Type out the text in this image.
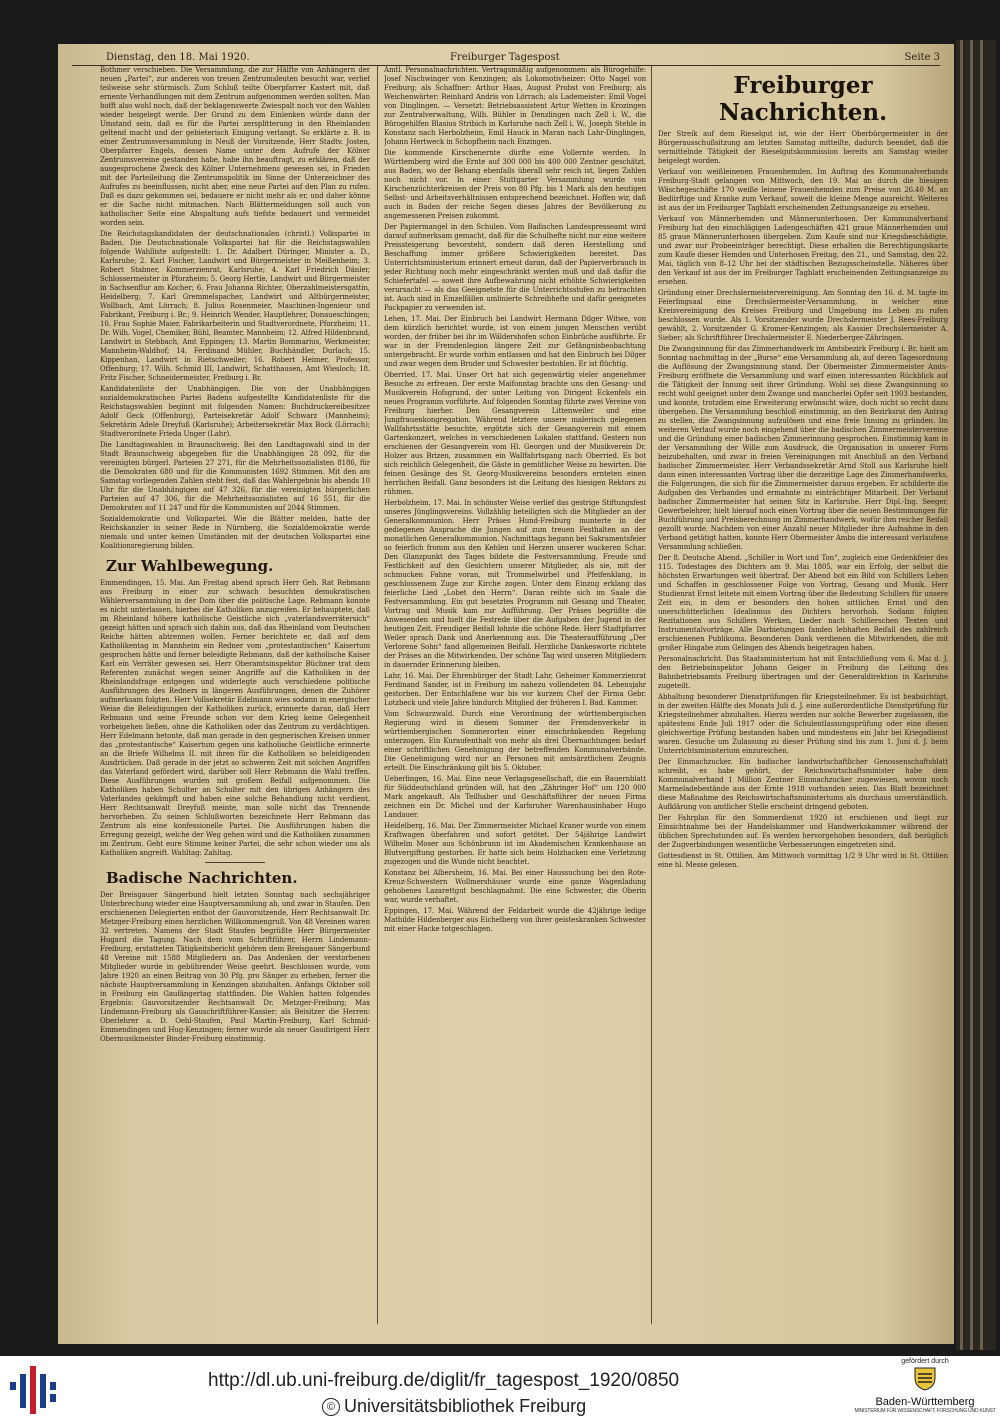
Dienstag, den 18. Mai 1920.	Freiburger Tagespost	Seite 3

Bothmer verschieben. Die Versammlung, die zur Hälfte von Anhängern der neuen „Partei“, zur anderen von treuen Zentrumsleuten besucht war, verlief teilweise sehr stürmisch. Zum Schluß teilte Oberpfarrer Kastert mit, daß ernente Verhandlungen mit dem Zentrum aufgenommen werden sollten. Man hofft also wohl noch, daß der beklagenswerte Zwiespalt noch vor den Wahlen wieder beigelegt werde. Der Grund zu dem Einlenken würde dann der Umstand sein, daß es für die Partei zersplitterung in den Rheinlanden geltend macht und der gebieterisch Einigung verlangt. So erklärte z. B. in einer Zentrumsversammlung in Neuß der Vorsitzende, Herr Stadtv. Josten, Oberpfarrer Engels, dessen Name unter dem Aufrufe der Kölner Zentrumsvereine gestanden habe, habe ihn beauftragt, zu erklären, daß der ausgesprochene Zweck des Kölner Unternehmens gewesen sei, in Frieden mit der Parteileitung die Zentrumspolitik im Sinne der Unterzeichner des Aufrufes zu beeinflussen, nicht aber, eine neue Partei auf den Plan zu rufen. Daß es dazu gekommen sei, bedauere er nicht mehr als er, und daher könne er die Sache nicht mitmachen. Nach Blättermeldungen soll auch von katholischer Seite eine Abspaltung aufs tiefste bedauert und vermeidet worden sein.

Die Reichstagskandidaten der deutschnationalen (christl.) Volkspartei in Baden. Die Deutschnationale Volkspartei hat für die Reichstagswahlen folgende Wahlliste aufgestellt: 1. Dr. Adalbert Düringer, Minister a. D., Karlsruhe; 2. Karl Fischer, Landwirt und Bürgermeister in Meißenheim; 3. Robert Stabner, Kommerzienrat, Karlsruhe; 4. Karl Friedrich Dänler, Schlossermeister in Pforzheim; 5. Georg Hertle, Landwirt und Bürgermeister in Sachsenflur am Kocher; 6. Frau Johanna Richter, Oberzahlmeistersgattin, Heidelberg; 7. Karl Gremmelspacher, Landwirt und Altbürgermeister, Wollbach, Amt Lörrach; 8. Julius Rosenmeier, Maschinen-Ingenieur und Fabrikant, Freiburg i. Br.; 9. Heinrich Wender, Hauptlehrer, Donaueschingen; 10. Frau Sophie Maier, Fabrikarbeiterin und Stadtverordnete, Pforzheim; 11. Dr. Wilh. Vogel, Chemiker, Bühl, Beamter, Mannheim; 12. Alfred Hildenbrand, Landwirt in Stebbach, Amt Eppingen; 13. Martin Bommarius, Werkmeister, Mannheim-Waldhof; 14. Ferdinand Mühler, Buchhändler, Durlach; 15. Kippenhan, Landwirt in Rietschweiler; 16. Robert Heimer, Professor, Offenburg; 17. Wilh. Schmid III, Landwirt, Schatthausen, Amt Wiesloch; 18. Fritz Fischer, Schneidermeister, Freiburg i. Br.

Kandidatenliste der Unabhängigen. Die von der Unabhängigen sozialdemokratischen Partei Badens aufgestellte Kandidatenliste für die Reichstagswahlen beginnt mit folgenden Namen: Buchdruckereibesitzer Adolf Geck (Offenburg), Parteisekretär Adolf Schwarz (Mannheim); Sekretärin Adele Dreyfuß (Karlsruhe); Arbeitersekretär Max Bock (Lörrach); Stadtverordnete Frieda Unger (Lahr).

Die Landtagswahlen in Braunschweig. Bei den Landtagswahl sind in der Stadt Braunschweig abgegeben für die Unabhängigen 28 092, für die vereinigten bürgerl. Parteien 27 271, für die Mehrheitssozialisten 8186, für die Demokraten 680 und für die Kommunisten 1692 Stimmen. Mit den am Samstag vorliegenden Zahlen steht fest, daß das Wahlergebnis bis abends 10 Uhr für die Unabhängigen auf 47 326, für die vereinigten bürgerlichen Parteien auf 47 306, für die Mehrheitssozialisten auf 16 551, für die Demokraten auf 11 247 und für die Kommunisten auf 2044 Stimmen.

Sozialdemokratie und Volkspartei. Wie die Blätter melden, hatte der Reichskanzler in seiner Rede in Nürnberg, die Sozialdemokratie werde niemals und unter keinen Umständen mit der deutschen Volkspartei eine Koalitionsregierung bilden.

Zur Wahlbewegung.

Emmendingen, 15. Mai. Am Freitag abend sprach Herr Geh. Rat Rebmann aus Freiburg in einer zur schwach besuchten demokratischen Wählerversammlung in der Dom über die politische Lage. Rebmann konnte es nicht unterlassen, hierbei die Katholiken anzugreifen. Er behauptete, daß im Rheinland höhere katholische Geistliche sich „vaterlandsverrätersich“ gezeigt hätten und sprach sich dahin aus, daß das Rheinland vom Deutschen Reiche hätten abtrennen wollen. Ferner berichtete er, daß auf dem Katholikentag in Mannheim ein Redner vom „protestantischen“ Kaisertum gesprochen hätte und ferner beleidigte Rebmann, daß der katholische Kaiser Karl ein Verräter gewesen sei. Herr Oberamtsinspektor Büchner trat dem Referenten zunächst wegen seiner Angriffe auf die Katholiken in der Rheinlandsfrage entgegen und widerlegte auch verschiedene politische Ausführungen des Redners in längeren Ausführungen, denen die Zuhörer aufmerksam folgten. Herr Vollsekretär Edelmann wies sodann in energischer Weise die Beleidigungen der Katholiken zurück, erinnerte daran, daß Herr Rebmann und seine Freunde schon vor dem Krieg keine Gelegenheit vorbeigehen ließen, ohne die Katholiken oder das Zentrum zu verdächtigen. Herr Edelmann betonte, daß man gerade in den gegnerischen Kreisen immer das „protestantische“ Kaisertum gegen uns katholische Geistliche erinnerte an die Briefe Wilhelms II. mit ihren für die Katholiken so beleidigenden Ausdrücken. Daß gerade in der jetzt so schweren Zeit mit solchen Angriffen das Vaterland gefördert wird, darüber soll Herr Rebmann die Wahl treffen. Diese Ausführungen wurden mit großem Beifall aufgenommen. Die Katholiken haben Schulter an Schulter mit den übrigen Anhängern des Vaterlandes gekämpft und haben eine solche Behandlung nicht verdient. Herr Rechtsanwalt Dreyfuß meinte, man solle nicht das Trennende hervorheben. Zu seinen Schlußworten bezeichnete Herr Rebmann das Zentrum als eine konfessionelle Partei. Die Ausführungen haben die Erregung gezeigt, welche der Weg gehen wird und die Katholiken zusammen im Zentrum. Geht eure Stimme keiner Partei, die sehr schon wieder uns als Katholiken angreift. Wahltag: Zahltag.

Badische Nachrichten.

Der Breisgauer Sängerbund hielt letzten Sonntag nach sechsjähriger Unterbrechung wieder eine Hauptversammlung ab, und zwar in Staufen. Den erschienenen Delegierten entbot der Gauvorsitzende, Herr Rechtsanwalt Dr. Metzger-Freiburg einen herzlichen Willkommengruß. Von 48 Vereinen waren 32 vertreten. Namens der Stadt Staufen begrüßte Herr Bürgermeister Hugard die Tagung. Nach dem vom Schriftführer, Herrn Lindemann-Freiburg, erstatteten Tätigkeitsbericht gehören dem Breisgauer Sängerbund 48 Vereine mit 1588 Mitgliedern an. Das Andenken der verstorbenen Mitglieder wurde in gebührender Weise geehrt. Beschlossen wurde, vom Jahre 1920 an einen Beitrag von 30 Pfg. pro Sänger zu erheben, ferner die nächste Hauptversammlung in Kenzingen abzuhalten. Anfangs Oktober soll in Freiburg ein Gaufängertag stattfinden. Die Wahlen hatten folgendes Ergebnis: Gauvorsitzender Rechtsanwalt Dr. Metzger-Freiburg; Max Lindemann-Freiburg als Gauschriftführer-Kassier; als Beisitzer die Herren: Oberlehrer a. D. Oehl-Staufen, Paul Martin-Freiburg, Karl Schmid-Emmendingen und Hug-Kenzingen; ferner wurde als neuer Gaudirigent Herr Obermusikmeister Binder-Freiburg einstimmig.

Amtl. Personalnachrichten. Vertragsmäßig aufgenommen: als Bürogehilfe: Josef Nischwinger von Kenzingen; als Lokomotivheizer: Otto Nagel von Freiburg; als Schaffner: Arthur Haas, August Probst von Freiburg; als Weichenwärter: Reinhard Andris von Lörrach; als Lademeister: Emil Vogel von Dinglingen. — Versetzt: Betriebsassistent Artur Wetten in Krozingen zur Zentralverwaltung, Wilh. Bühler in Denzlingen nach Zell i. W., die Bürogehilfen Blasius Stribich in Karlsruhe nach Zell i. W., Joseph Stehle in Konstanz nach Herbolzheim, Emil Hauck in Maran nach Lahr-Dinglingen, Johann Hertweck in Schopfheim nach Enzingen.

Die kommende Kirschenernte dürfte eine Vollernte werden. In Württemberg wird die Ernte auf 300 000 bis 400 000 Zentner geschätzt, aus Baden, wo der Behang ebenfalls überall sehr reich ist, liegen Zahlen noch nicht vor. In einer Stuttgarter Versammlung wurde von Kirschenzüchterkreisen der Preis von 80 Pfg. bis 1 Mark als den heutigen Selbst- und Arbeitsverhältnissen entsprechend bezeichnet. Hoffen wir, daß auch in Baden der reiche Segen dieses Jahres der Bevölkerung zu angemessenen Preisen zukommt.

Der Papiermangel in den Schulen. Vom Badischen Landespresseamt wird darauf aufmerksam gemacht, daß für die Schulhefte nicht nur eine weitere Preissteigerung bevorsteht, sondern daß deren Herstellung und Beschaffung immer größere Schwierigkeiten bereitet. Das Unterrichtsministerium erinnert erneut daran, daß der Papierverbrauch in jeder Richtung noch mehr eingeschränkt werden muß und daß dafür die Schiefertafel — soweit ihre Aufbewahrung nicht erhöhte Schwierigkeiten verursacht — als das Geeignetste für die Unterrichtsstufen zu betrachten ist. Auch sind in Einzelfällen umlinierte Schreibhefte und dafür geeignetes Packpapier zu verwenden ist.

Lehen, 17. Mai. Der Einbruch bei Landwirt Hermann Dilger Witwe, von dem kürzlich berichtet wurde, ist von einem jungen Menschen verübt worden, der früher bei ihr im Wäldershofen schon Einbrüche ausführte. Er war in der Fremdenlegion längere Zeit zur Gefängnisbeobachtung untergebracht. Er wurde vorhin entlassen und hat den Einbruch bei Dilger und zwar wegen dem Bruder und Schwester bestohlen. Er ist flüchtig.

Oberried, 17. Mai. Unser Ort hat sich gegenwärtig vieler angenehmer Besuche zu erfreuen. Der erste Maifonntag brachte uns den Gesang- und Musikverein Hofsgrund, der unter Leitung von Dirigent Eckenfels ein neues Programm vorführte. Auf folgenden Sonntag führte zwei Vereine von Freiburg hierher. Den Gesangverein Littenweiler und eine Jungfrauenkongregation. Während letztere unsere malerisch gelegenen Wallfahrtsstätte besuchte, ergötzte sich der Gesangverein mit einem Gartenkonzert, welches in verschiedenen Lokalen stattfand. Gestern nun erschienen der Gesangverein vom Hl. Georgen und der Musikverein Dr. Holzer aus Brizen, zusammen ein Wallfahrtsgang nach Oberried. Es bot sich reichlich Gelegenheit, die Gäste in gemütlicher Weise zu bewirten. Die feinen Gesänge des St. Georg-Musikvereins besonders ernteten einen herrlichen Beifall. Ganz besonders ist die Leitung des hiesigen Rektors zu rühmen.

Herbolzheim, 17. Mai. In schönster Weise verlief das gestrige Stiftungsfest unseres Jünglingsvereins. Vollzählig beteiligten sich die Mitglieder an der Generalkommunion. Herr Präses Hund-Freiburg munterte in der gediegenen Ansprache die Jungen auf zum treuen Festhalten an der monatlichen Generalkommunion. Nachmittags begann bei Sakramentsfeier so feierlich fromm aus den Kehlen und Herzen unserer wackeren Schar. Den Glanzpunkt des Tages bildete die Festversammlung. Freude und Festlichkeit auf den Gesichtern unserer Mitglieder, als sie, mit der schmucken Fahne voran, mit Trommelwirbel und Pfeifenklang, in geschlossenem Zuge zur Kirche zogen. Unter dem Einzug erklang das feierliche Lied „Lobet den Herrn“. Daran reihte sich im Saale die Festversammlung. Ein gut besetztes Programm mit Gesang und Theater, Vortrag und Musik kam zur Aufführung. Der Präses begrüßte die Anwesenden und hielt die Festrede über die Aufgaben der Jugend in der heutigen Zeit. Freudiger Beifall lohnte die schöne Rede. Herr Stadtpfarrer Weiler sprach Dank und Anerkennung aus. Die Theateraufführung „Der Verlorene Sohn“ fand allgemeinen Beifall. Herzliche Dankesworte richtete der Präses an die Mitwirkenden. Der schöne Tag wird unseren Mitgliedern in dauernder Erinnerung bleiben.

Lahr, 16. Mai. Der Ehrenbürger der Stadt Lahr, Geheimer Kommerzienrat Ferdinand Sander, ist in Freiburg im nahezu vollendeten 84. Lebensjahr gestorben. Der Entschlafene war bis vor kurzem Chef der Firma Gebr. Lotzbeck und viele Jahre hindurch Mitglied der früheren I. Bad. Kammer.

Vom Schwarzwald. Durch eine Verordnung der württembergischen Regierung wird in diesem Sommer der Fremdenverkehr in württembergischen Sommerorten einer einschränkenden Regelung unterzogen. Ein Kuraufenthalt von mehr als drei Übernachtungen bedarf einer schriftlichen Genehmigung der betreffenden Kommunalverbände. Die Genehmigung wird nur an Personen mit amtsärztlichem Zeugnis erteilt. Die Einschränkung gilt bis 5. Oktober.

Ueberlingen, 16. Mai. Eine neue Verlagsgesellschaft, die ein Bauernblatt für Süddeutschland gründen will, hat den „Zähringer Hof“ um 120 000 Mark angekauft. Als Teilhaber und Geschäftsführer der neuen Firma zeichnen ein Dr. Michel und der Karlsruher Warenhausinhaber Hugo Landauer.

Heidelberg, 16. Mai. Der Zimmermeister Michael Kraner wurde von einem Kraftwagen überfahren und sofort getötet. Der 54jährige Landwirt Wilhelm Moser aus Schönbrunn ist im Akademischen Krankenhause an Blutvergiftung gestorben. Er hatte sich beim Holzhacken eine Verletzung zugezogen und die Wunde nicht beachtet.

Konstanz bei Albersheim, 16. Mai. Bei einer Haussuchung bei den Rote-Kreuz-Schwestern Wollmershäuser wurde eine ganze Wagenladung gehobenes Lazarettgut beschlagnahmt. Die eine Schwester, die Oberin war, wurde verhaftet.

Eppingen, 17. Mai. Während der Feldarbeit wurde die 42jährige ledige Mathilde Hildenberger aus Eichelberg von ihrer geisteskranken Schwester mit einer Hacke totgeschlagen.

Freiburger Nachrichten.

Der Streik auf dem Rieselgut ist, wie der Herr Oberbürgermeister in der Bürgerausschußsitzung am letzten Samstag mitteilte, dadurch beendet, daß die vermittelnde Tätigkeit der Rieselgutskommission bereits am Samstag wieder beigelegt worden.

Verkauf von weißleinenen Frauenhemden. Im Auftrag des Kommunalverbands Freiburg-Stadt gelangen von Mittwoch, den 19. Mai an durch die hiesigen Wäschegeschäfte 170 weiße leinene Frauenhemden zum Preise von 26.40 M. an Bedürftige und Kranke zum Verkauf, soweit die kleine Menge ausreicht. Weiteres ist aus der im Freiburger Tagblatt erscheinenden Zeitungsanzeige zu ersehen.

Verkauf von Männerhemden und Männerunterhosen. Der Kommunalverband Freiburg hat den einschlägigen Ladengeschäften 421 graue Männerhemden und 85 graue Männerunterhosen übergeben. Zum Kaufe sind nur Kriegsbeschädigte, und zwar nur Probeeinträger berechtigt. Diese erhalten die Berechtigungskarte zum Kaufe dieser Hemden und Unterhosen Freitag, den 21., und Samstag, den 22. Mai, täglich von 8–12 Uhr bei der städtischen Bezugsscheinstelle. Näheres über den Verkauf ist aus der im Freiburger Tagblatt erscheinenden Zeitungsanzeige zu ersehen.

Gründung einer Drechslermeistervereinigung. Am Sonntag den 16. d. M. tagte im Feierlingsaal eine Drechslermeister-Versammlung, in welcher eine Kreisvereinigung des Kreises Freiburg und Umgebung ins Leben zu rufen beschlossen wurde. Als 1. Vorsitzender wurde Drechslermeister J. Rees-Freiburg gewählt, 2. Vorsitzender G. Kromer-Kenzingen; als Kassier Drechslermeister A. Sieber; als Schriftführer Drechslermeister E. Niederberger-Zähringen.

Die Zwangsinnung für das Zimmerhandwerk im Amtsbezirk Freiburg i. Br. hielt am Sonntag nachmittag in der „Burse“ eine Versammlung ab, auf deren Tagesordnung die Auflösung der Zwangsinnung stand. Der Obermeister Zimmermeister Amts-Freiburg eröffnete die Versammlung und warf einen interessanten Rückblick auf die Tätigkeit der Innung seit ihrer Gründung. Wohl sei diese Zwangsinnung so recht wohl geeignet unter dem Zwange und mancherlei Opfer seit 1903 bestanden, und konnte, trotzdem eine Erweiterung erwünscht wäre, doch nicht so recht dazu übergehen. Die Versammlung beschloß einstimmig, an den Bezirksrat den Antrag zu stellen, die Zwangsinnung aufzulösen und eine freie Innung zu gründen. Im weiteren Verlauf wurde noch eingehend über die badischen Zimmermeistervereine und die Gründung einer badischen Zimmerinnung gesprochen. Einstimmig kam in der Versammlung der Wille zum Ausdruck, die Organisation in unserer Form beizubehalten, und zwar in freien Vereinigungen mit Anschluß an den Verband badischer Zimmermeister. Herr Verbandssekretär Arnd Stoll aus Karlsruhe hielt dann einen interessanten Vortrag über die derzeitige Lage des Zimmerhandwerks, die Folgerungen, die sich für die Zimmermeister daraus ergeben. Er schilderte die Aufgaben des Verbandes und ermahnte zu einträchtiger Mitarbeit. Der Verband badischer Zimmermeister hat seinen Sitz in Karlsruhe. Herr Dipl.-Ing. Seeger, Gewerbelehrer, hielt hierauf noch einen Vortrag über die neuen Bestimmungen für Buchführung und Preisberechnung im Zimmerhandwerk, wofür ihm reicher Beifall gezollt wurde. Nachdem von einer Anzahl neuer Mitglieder ihre Aufnahme in den Verband getätigt hatten, konnte Herr Obermeister Ambs die interessant verlaufene Versammlung schließen.

Der 8. Deutsche Abend. „Schiller in Wort und Ton“, zugleich eine Gedenkfeier des 115. Todestages des Dichters am 9. Mai 1805, war ein Erfolg, der selbst die höchsten Erwartungen weit übertraf. Der Abend bot ein Bild von Schillers Leben und Schaffen in geschlossener Folge von Vortrag, Gesang und Musik. Herr Studienrat Ernst leitete mit einem Vortrag über die Bedeutung Schillers für unsere Zeit ein, in dem er besonders den hohen sittlichen Ernst und den unerschütterlichen Idealismus des Dichters hervorhob. Sodann folgten Rezitationen aus Schillers Werken, Lieder nach Schillerschen Texten und Instrumentalvorträge. Alle Darbietungen fanden lebhaften Beifall des zahlreich erschienenen Publikums. Besonderen Dank verdienen die Mitwirkenden, die mit großer Hingabe zum Gelingen des Abends beigetragen haben.

Personalnachricht. Das Staatsministerium hat mit Entschließung vom 6. Mai d. J. den Betriebsinspektor Johann Geiger in Freiburg die Leitung des Bahnbetriebsamts Freiburg übertragen und der Generaldirektion in Karlsruhe zugeteilt.

Abhaltung besonderer Dienstprüfungen für Kriegsteilnehmer. Es ist beabsichtigt, in der zweiten Hälfte des Monats Juli d. J. eine außerordentliche Dienstprüfung für Kriegsteilnehmer abzuhalten. Hierzu werden nur solche Bewerber zugelassen, die spätestens Ende Juli 1917 oder die Schulentlassungsprüfung oder eine diesen gleichwertige Prüfung bestanden haben und mindestens ein Jahr bei Kriegsdienst waren. Gesuche um Zulassung zu dieser Prüfung sind bis zum 1. Juni d. J. beim Unterrichtsministerium einzureichen.

Der Einmachzucker. Ein badischer landwirtschaftlicher Genossenschaftsblatt schreibt, es habe gehört, der Reichswirtschaftsminister habe dem Kommunalverband 1 Million Zentner Einmachzucker zugewiesen, wovon noch Marmeladebestände aus der Ernte 1918 vorhanden seien. Das Blatt bezeichnet diese Maßnahme des Reichswirtschaftsministeriums als durchaus unverständlich. Aufklärung von amtlicher Stelle erscheint dringend geboten.

Der Fahrplan für den Sommerdienst 1920 ist erschienen und liegt zur Einsichtnahme bei der Handelskammer und Handwerkskammer während der üblichen Sprechstunden auf. Es werden hervorgehoben besonders, daß bezüglich der Zugverbindungen wesentliche Verbesserungen eingetreten sind.

Gottesdienst in St. Ottilien. Am Mittwoch vormittag 1/2 9 Uhr wird in St. Ottilien eine hl. Messe gelesen.

http://dl.ub.uni-freiburg.de/diglit/fr_tagespost_1920/0850
© Universitätsbibliothek Freiburg
gefördert durch
Baden-Württemberg
MINISTERIUM FÜR WISSENSCHAFT, FORSCHUNG UND KUNST
